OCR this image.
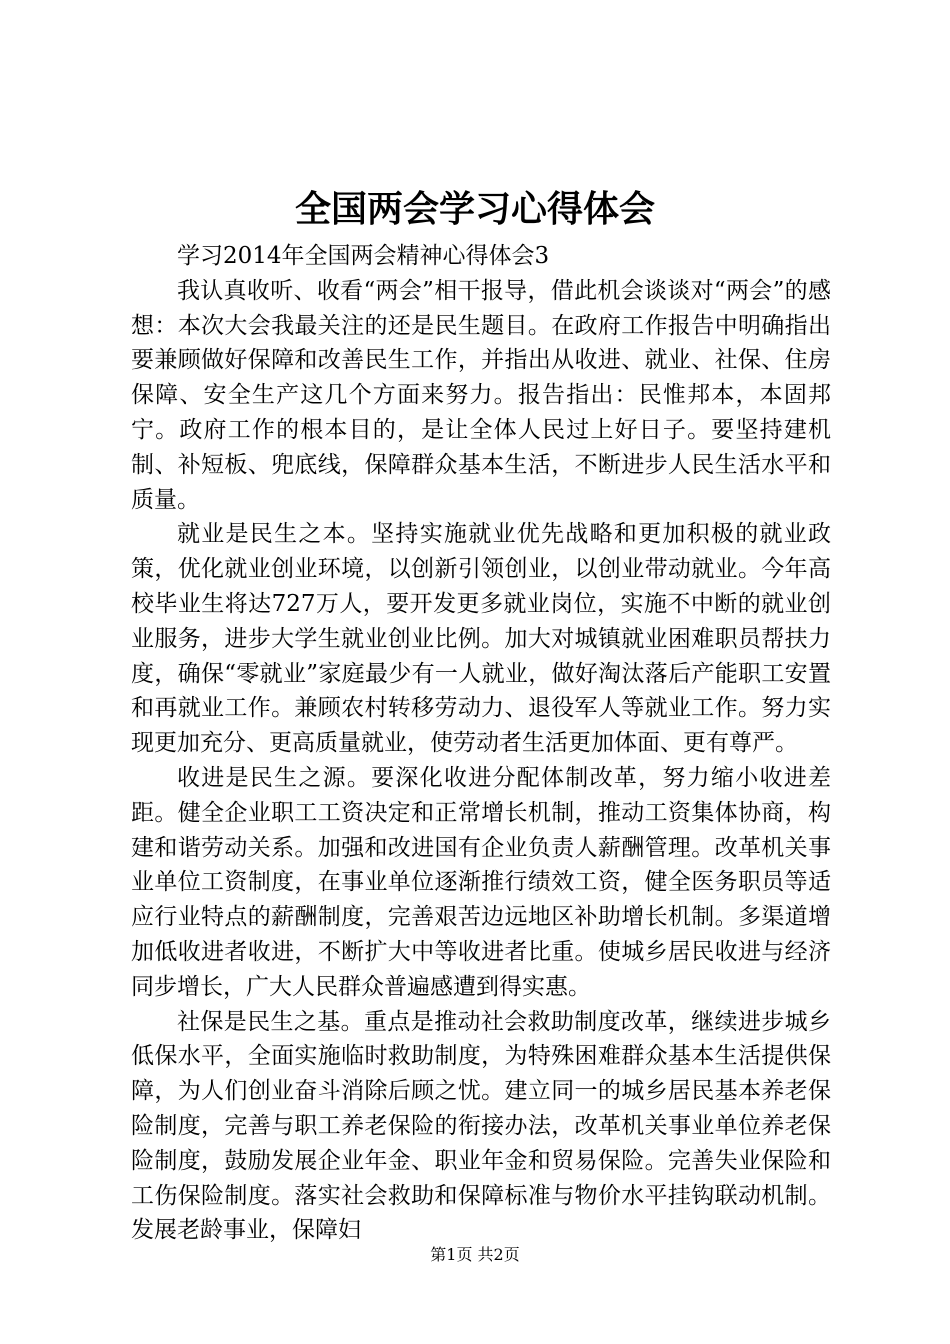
全国两会学习心得体会

学习2014年全国两会精神心得体会3

我认真收听、收看“两会”相干报导，借此机会谈谈对“两会”的感想：本次大会我最关注的还是民生题目。在政府工作报告中明确指出要兼顾做好保障和改善民生工作，并指出从收进、就业、社保、住房保障、安全生产这几个方面来努力。报告指出：民惟邦本，本固邦宁。政府工作的根本目的，是让全体人民过上好日子。要坚持建机制、补短板、兜底线，保障群众基本生活，不断进步人民生活水平和质量。

就业是民生之本。坚持实施就业优先战略和更加积极的就业政策，优化就业创业环境，以创新引领创业，以创业带动就业。今年高校毕业生将达727万人，要开发更多就业岗位，实施不中断的就业创业服务，进步大学生就业创业比例。加大对城镇就业困难职员帮扶力度，确保“零就业”家庭最少有一人就业，做好淘汰落后产能职工安置和再就业工作。兼顾农村转移劳动力、退役军人等就业工作。努力实现更加充分、更高质量就业，使劳动者生活更加体面、更有尊严。

收进是民生之源。要深化收进分配体制改革，努力缩小收进差距。健全企业职工工资决定和正常增长机制，推动工资集体协商，构建和谐劳动关系。加强和改进国有企业负责人薪酬管理。改革机关事业单位工资制度，在事业单位逐渐推行绩效工资，健全医务职员等适应行业特点的薪酬制度，完善艰苦边远地区补助增长机制。多渠道增加低收进者收进，不断扩大中等收进者比重。使城乡居民收进与经济同步增长，广大人民群众普遍感遭到得实惠。

社保是民生之基。重点是推动社会救助制度改革，继续进步城乡低保水平，全面实施临时救助制度，为特殊困难群众基本生活提供保障，为人们创业奋斗消除后顾之忧。建立同一的城乡居民基本养老保险制度，完善与职工养老保险的衔接办法，改革机关事业单位养老保险制度，鼓励发展企业年金、职业年金和贸易保险。完善失业保险和工伤保险制度。落实社会救助和保障标准与物价水平挂钩联动机制。发展老龄事业，保障妇

第1页 共2页
